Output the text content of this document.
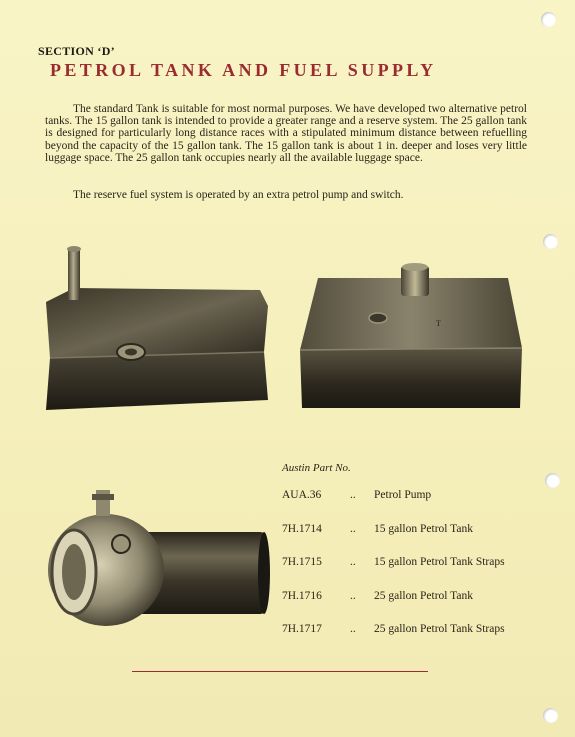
SECTION ‘D’
PETROL TANK AND FUEL SUPPLY
The standard Tank is suitable for most normal purposes. We have developed two alternative petrol tanks. The 15 gallon tank is intended to provide a greater range and a reserve system. The 25 gallon tank is designed for particularly long distance races with a stipulated minimum distance between refuelling beyond the capacity of the 15 gallon tank. The 15 gallon tank is about 1 in. deeper and loses very little luggage space. The 25 gallon tank occupies nearly all the available luggage space.
The reserve fuel system is operated by an extra petrol pump and switch.
T
Austin Part No.
AUA.36 .. Petrol Pump
7H.1714 .. 15 gallon Petrol Tank
7H.1715 .. 15 gallon Petrol Tank Straps
7H.1716 .. 25 gallon Petrol Tank
7H.1717 .. 25 gallon Petrol Tank Straps
